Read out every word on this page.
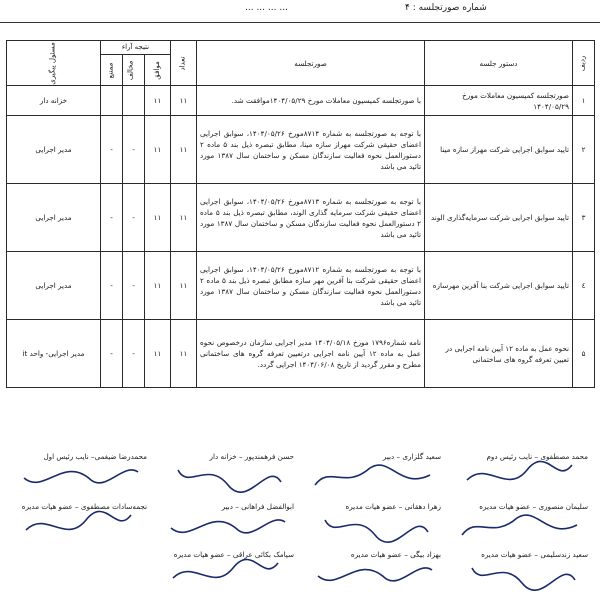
... ... ... ...	شماره صورتجلسه : ۴
ردیف	دستور جلسه	صورتجلسه	تعداد	نتیجه آراء			مسئول پیگیری
				موافق	مخالف	ممتنع	
۱	صورتجلسه کمیسیون معاملات مورخ ۱۴۰۴/۰۵/۲۹	با صورتجلسه کمیسیون معاملات مورخ ۱۴۰۴/۰۵/۲۹موافقت شد.	۱۱	۱۱			خزانه دار
۲	تایید سوابق اجرایی شرکت مهراز سازه مینا	با توجه به صورتجلسه به شماره ۸۷۱۴مورخ ۱۴۰۴/۰۵/۲۶، سوابق اجرایی اعضای حقیقی شرکت مهراز سازه مینا، مطابق تبصره ذیل بند ۵ ماده ۲ دستورالعمل نحوه فعالیت سازندگان مسکن و ساختمان سال ۱۳۸۷ مورد تائید می باشد	۱۱	۱۱	-	-	مدیر اجرایی
۳	تایید سوابق اجرایی شرکت سرمایه‌گذاری الوند	با توجه به صورتجلسه به شماره ۸۷۱۳مورخ ۱۴۰۴/۰۵/۲۶، سوابق اجرایی اعضای حقیقی شرکت سرمایه گذاری الوند، مطابق تبصره ذیل بند ۵ ماده ۲ دستورالعمل نحوه فعالیت سازندگان مسکن و ساختمان سال ۱۳۸۷ مورد تائید می باشد	۱۱	۱۱	-	-	مدیر اجرایی
٤	تایید سوابق اجرایی شرکت بنا آفرین مهرسازه	با توجه به صورتجلسه به شماره ۸۷۱۲مورخ ۱۴۰۴/۰۵/۲۶، سوابق اجرایی اعضای حقیقی شرکت بنا آفرین مهر سازه مطابق تبصره ذیل بند ۵ ماده ۲ دستورالعمل نحوه فعالیت سازندگان مسکن و ساختمان سال ۱۳۸۷ مورد تائید می باشد	۱۱	۱۱	-	-	مدیر اجرایی
۵	نحوه عمل به ماده ۱۲ آیین نامه اجرایی در تعیین تعرفه گروه های ساختمانی	نامه شماره۱۷۹۶ مورخ ۱۴۰۴/۰۵/۱۸ مدیر اجرایی سازمان درخصوص نحوه عمل به ماده ۱۲ آیین نامه اجرایی درتعیین تعرفه گروه های ساختمانی مطرح و مقرر گردید از تاریخ ۱۴۰۴/۰۶/۰۸ اجرایی گردد.	۱۱	۱۱	-	-	مدیر اجرایی- واحد it
محمد مصطفوی – نایب رئیس دوم
سعید گلزاری – دبیر
حسن فرهمندپور – خزانه دار
محمدرضا ضیغمی– نایب رئیس اول
سلیمان منصوری – عضو هیات مدیره
زهرا دهقانی – عضو هیات مدیره
ابوالفضل فراهانی – دبیر
نجمه‌سادات مصطفوی – عضو هیات مدیره
سعید زندسلیمی – عضو هیات مدیره
بهزاد بیگی – عضو هیات مدیره
سیامک بکائی عراقی – عضو هیات مدیره
